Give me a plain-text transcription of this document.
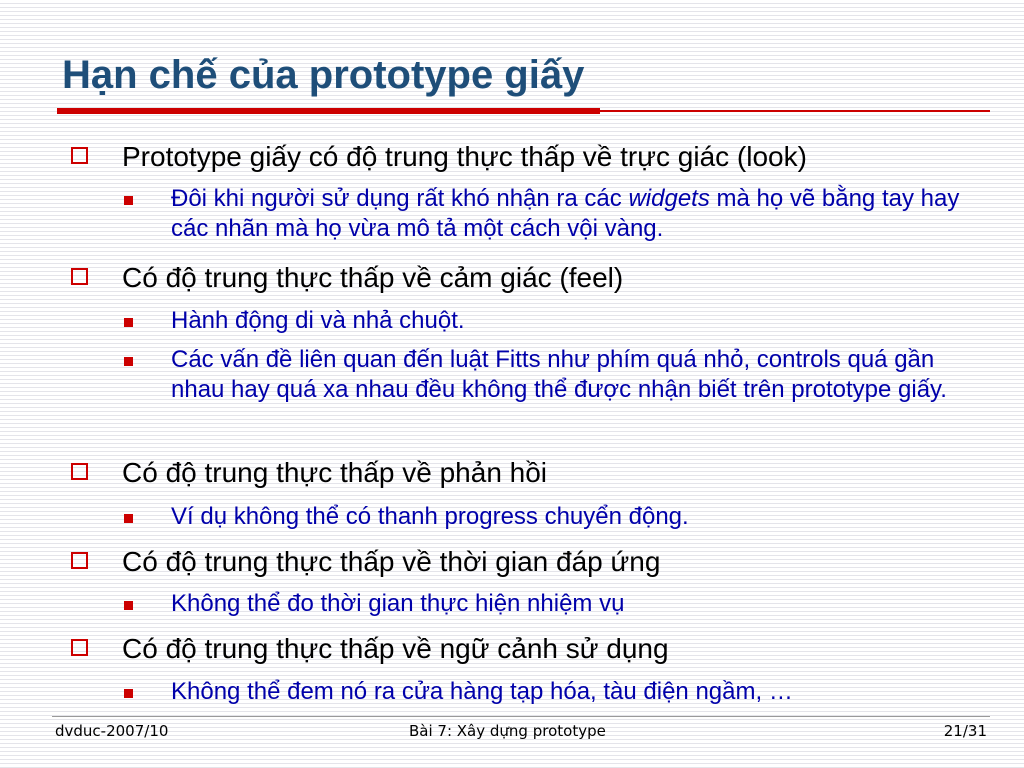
Hạn chế của prototype giấy
Prototype giấy có độ trung thực thấp về trực giác (look)
Đôi khi người sử dụng rất khó nhận ra các widgets mà họ vẽ bằng tay hay các nhãn mà họ vừa mô tả một cách vội vàng.
Có độ trung thực thấp về cảm giác (feel)
Hành động di và nhả chuột.
Các vấn đề liên quan đến luật Fitts như phím quá nhỏ, controls quá gần nhau hay quá xa nhau đều không thể được nhận biết trên prototype giấy.
Có độ trung thực thấp về phản hồi
Ví dụ không thể có thanh progress chuyển động.
Có độ trung thực thấp về thời gian đáp ứng
Không thể đo thời gian thực hiện nhiệm vụ
Có độ trung thực thấp về ngữ cảnh sử dụng
Không thể đem nó ra cửa hàng tạp hóa, tàu điện ngầm, …
dvduc-2007/10	Bài 7: Xây dựng prototype	21/31
